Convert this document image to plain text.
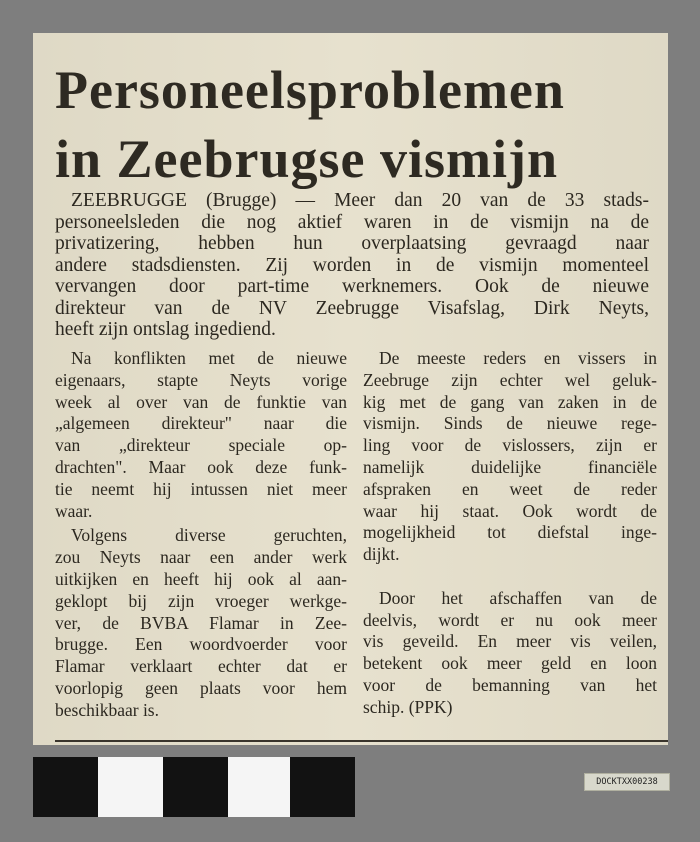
Personeelsproblemen
in Zeebrugse vismijn
ZEEBRUGGE (Brugge) — Meer dan 20 van de 33 stads-
personeelsleden die nog aktief waren in de vismijn na de
privatizering, hebben hun overplaatsing gevraagd naar
andere stadsdiensten. Zij worden in de vismijn momenteel
vervangen door part-time werknemers. Ook de nieuwe
direkteur van de NV Zeebrugge Visafslag, Dirk Neyts,
heeft zijn ontslag ingediend.
Na konflikten met de nieuwe
eigenaars, stapte Neyts vorige
week al over van de funktie van
„algemeen direkteur" naar die
van „direkteur speciale op-
drachten". Maar ook deze funk-
tie neemt hij intussen niet meer
waar.
Volgens diverse geruchten,
zou Neyts naar een ander werk
uitkijken en heeft hij ook al aan-
geklopt bij zijn vroeger werkge-
ver, de BVBA Flamar in Zee-
brugge. Een woordvoerder voor
Flamar verklaart echter dat er
voorlopig geen plaats voor hem
beschikbaar is.
De meeste reders en vissers in
Zeebruge zijn echter wel geluk-
kig met de gang van zaken in de
vismijn. Sinds de nieuwe rege-
ling voor de vislossers, zijn er
namelijk duidelijke financiële
afspraken en weet de reder
waar hij staat. Ook wordt de
mogelijkheid tot diefstal inge-
dijkt.
Door het afschaffen van de
deelvis, wordt er nu ook meer
vis geveild. En meer vis veilen,
betekent ook meer geld en loon
voor de bemanning van het
schip. (PPK)
DOCKTXX00238
